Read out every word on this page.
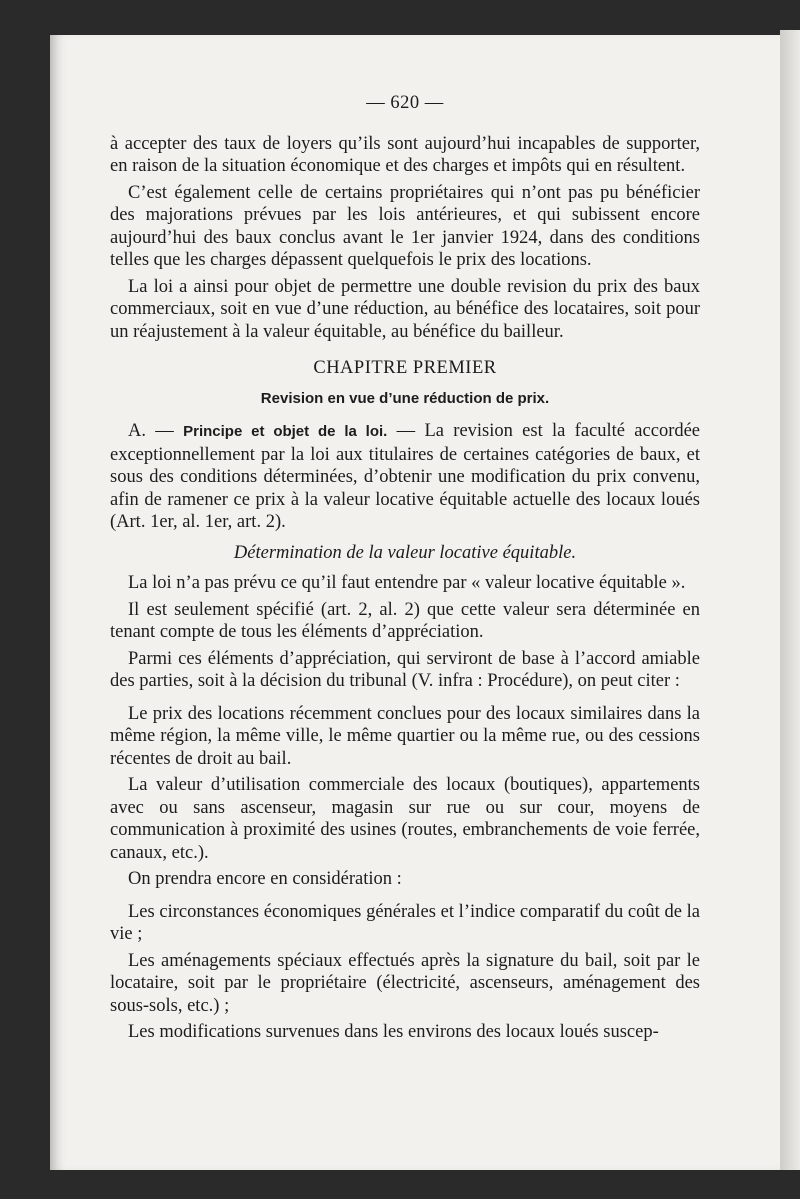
— 620 —

à accepter des taux de loyers qu’ils sont aujourd’hui incapables de supporter, en raison de la situation économique et des charges et impôts qui en résultent.

C’est également celle de certains propriétaires qui n’ont pas pu bénéficier des majorations prévues par les lois antérieures, et qui subissent encore aujourd’hui des baux conclus avant le 1er janvier 1924, dans des conditions telles que les charges dépassent quelquefois le prix des locations.

La loi a ainsi pour objet de permettre une double revision du prix des baux commerciaux, soit en vue d’une réduction, au bénéfice des locataires, soit pour un réajustement à la valeur équitable, au bénéfice du bailleur.

CHAPITRE PREMIER
Revision en vue d’une réduction de prix.

A. — Principe et objet de la loi. — La revision est la faculté accordée exceptionnellement par la loi aux titulaires de certaines catégories de baux, et sous des conditions déterminées, d’obtenir une modification du prix convenu, afin de ramener ce prix à la valeur locative équitable actuelle des locaux loués (Art. 1er, al. 1er, art. 2).

Détermination de la valeur locative équitable.

La loi n’a pas prévu ce qu’il faut entendre par « valeur locative équitable ».

Il est seulement spécifié (art. 2, al. 2) que cette valeur sera déterminée en tenant compte de tous les éléments d’appréciation.

Parmi ces éléments d’appréciation, qui serviront de base à l’accord amiable des parties, soit à la décision du tribunal (V. infra : Procédure), on peut citer :

Le prix des locations récemment conclues pour des locaux similaires dans la même région, la même ville, le même quartier ou la même rue, ou des cessions récentes de droit au bail.

La valeur d’utilisation commerciale des locaux (boutiques), appartements avec ou sans ascenseur, magasin sur rue ou sur cour, moyens de communication à proximité des usines (routes, embranchements de voie ferrée, canaux, etc.).

On prendra encore en considération :

Les circonstances économiques générales et l’indice comparatif du coût de la vie ;

Les aménagements spéciaux effectués après la signature du bail, soit par le locataire, soit par le propriétaire (électricité, ascenseurs, aménagement des sous-sols, etc.) ;

Les modifications survenues dans les environs des locaux loués suscep-
